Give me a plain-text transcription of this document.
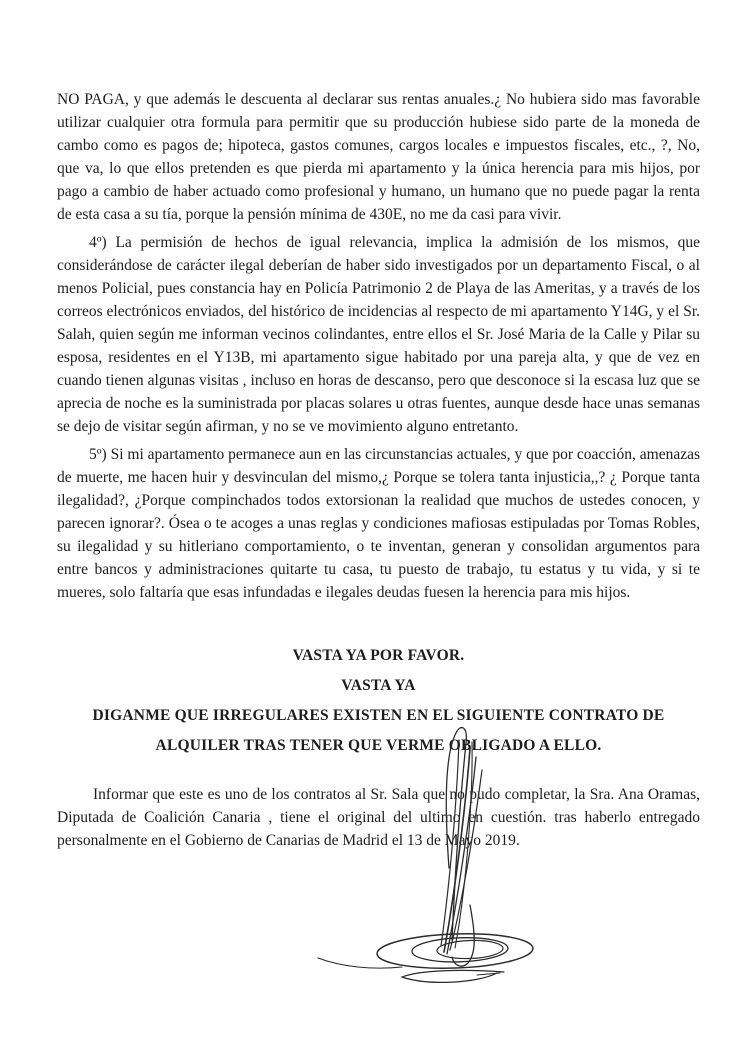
NO PAGA, y que además le descuenta al declarar sus rentas anuales.¿ No hubiera sido mas favorable utilizar cualquier otra formula para permitir que su producción hubiese sido parte de la moneda de cambo como es pagos de; hipoteca, gastos comunes, cargos locales e impuestos fiscales, etc., ?, No, que va, lo que ellos pretenden es que pierda mi apartamento y la única herencia para mis hijos, por pago a cambio de haber actuado como profesional y humano, un humano que no puede pagar la renta de esta casa a su tía, porque la pensión mínima de 430E, no me da casi para vivir.

4º) La permisión de hechos de igual relevancia, implica la admisión de los mismos, que considerándose de carácter ilegal deberían de haber sido investigados por un departamento Fiscal, o al menos Policial, pues constancia hay en Policía Patrimonio 2 de Playa de las Ameritas, y a través de los correos electrónicos enviados, del histórico de incidencias al respecto de mi apartamento Y14G, y el Sr. Salah, quien según me informan vecinos colindantes, entre ellos el Sr. José Maria de la Calle y Pilar su esposa, residentes en el Y13B, mi apartamento sigue habitado por una pareja alta, y que de vez en cuando tienen algunas visitas , incluso en horas de descanso, pero que desconoce si la escasa luz que se aprecia de noche es la suministrada por placas solares u otras fuentes, aunque desde hace unas semanas se dejo de visitar según afirman, y no se ve movimiento alguno entretanto.

5º) Si mi apartamento permanece aun en las circunstancias actuales, y que por coacción, amenazas de muerte, me hacen huir y desvinculan del mismo,¿ Porque se tolera tanta injusticia,,? ¿ Porque tanta ilegalidad?, ¿Porque compinchados todos extorsionan la realidad que muchos de ustedes conocen, y parecen ignorar?. Ósea o te acoges a unas reglas y condiciones mafiosas estipuladas por Tomas Robles, su ilegalidad y su hitleriano comportamiento, o te inventan, generan y consolidan argumentos para entre bancos y administraciones quitarte tu casa, tu puesto de trabajo, tu estatus y tu vida, y si te mueres, solo faltaría que esas infundadas e ilegales deudas fuesen la herencia para mis hijos.

VASTA YA POR FAVOR.
VASTA YA
DIGANME QUE IRREGULARES EXISTEN EN EL SIGUIENTE CONTRATO DE
ALQUILER TRAS TENER QUE VERME OBLIGADO A ELLO.

Informar que este es uno de los contratos al Sr. Sala que no pudo completar, la Sra. Ana Oramas, Diputada de Coalición Canaria , tiene el original del ultimo en cuestión. tras haberlo entregado personalmente en el Gobierno de Canarias de Madrid el 13 de Mayo 2019.
